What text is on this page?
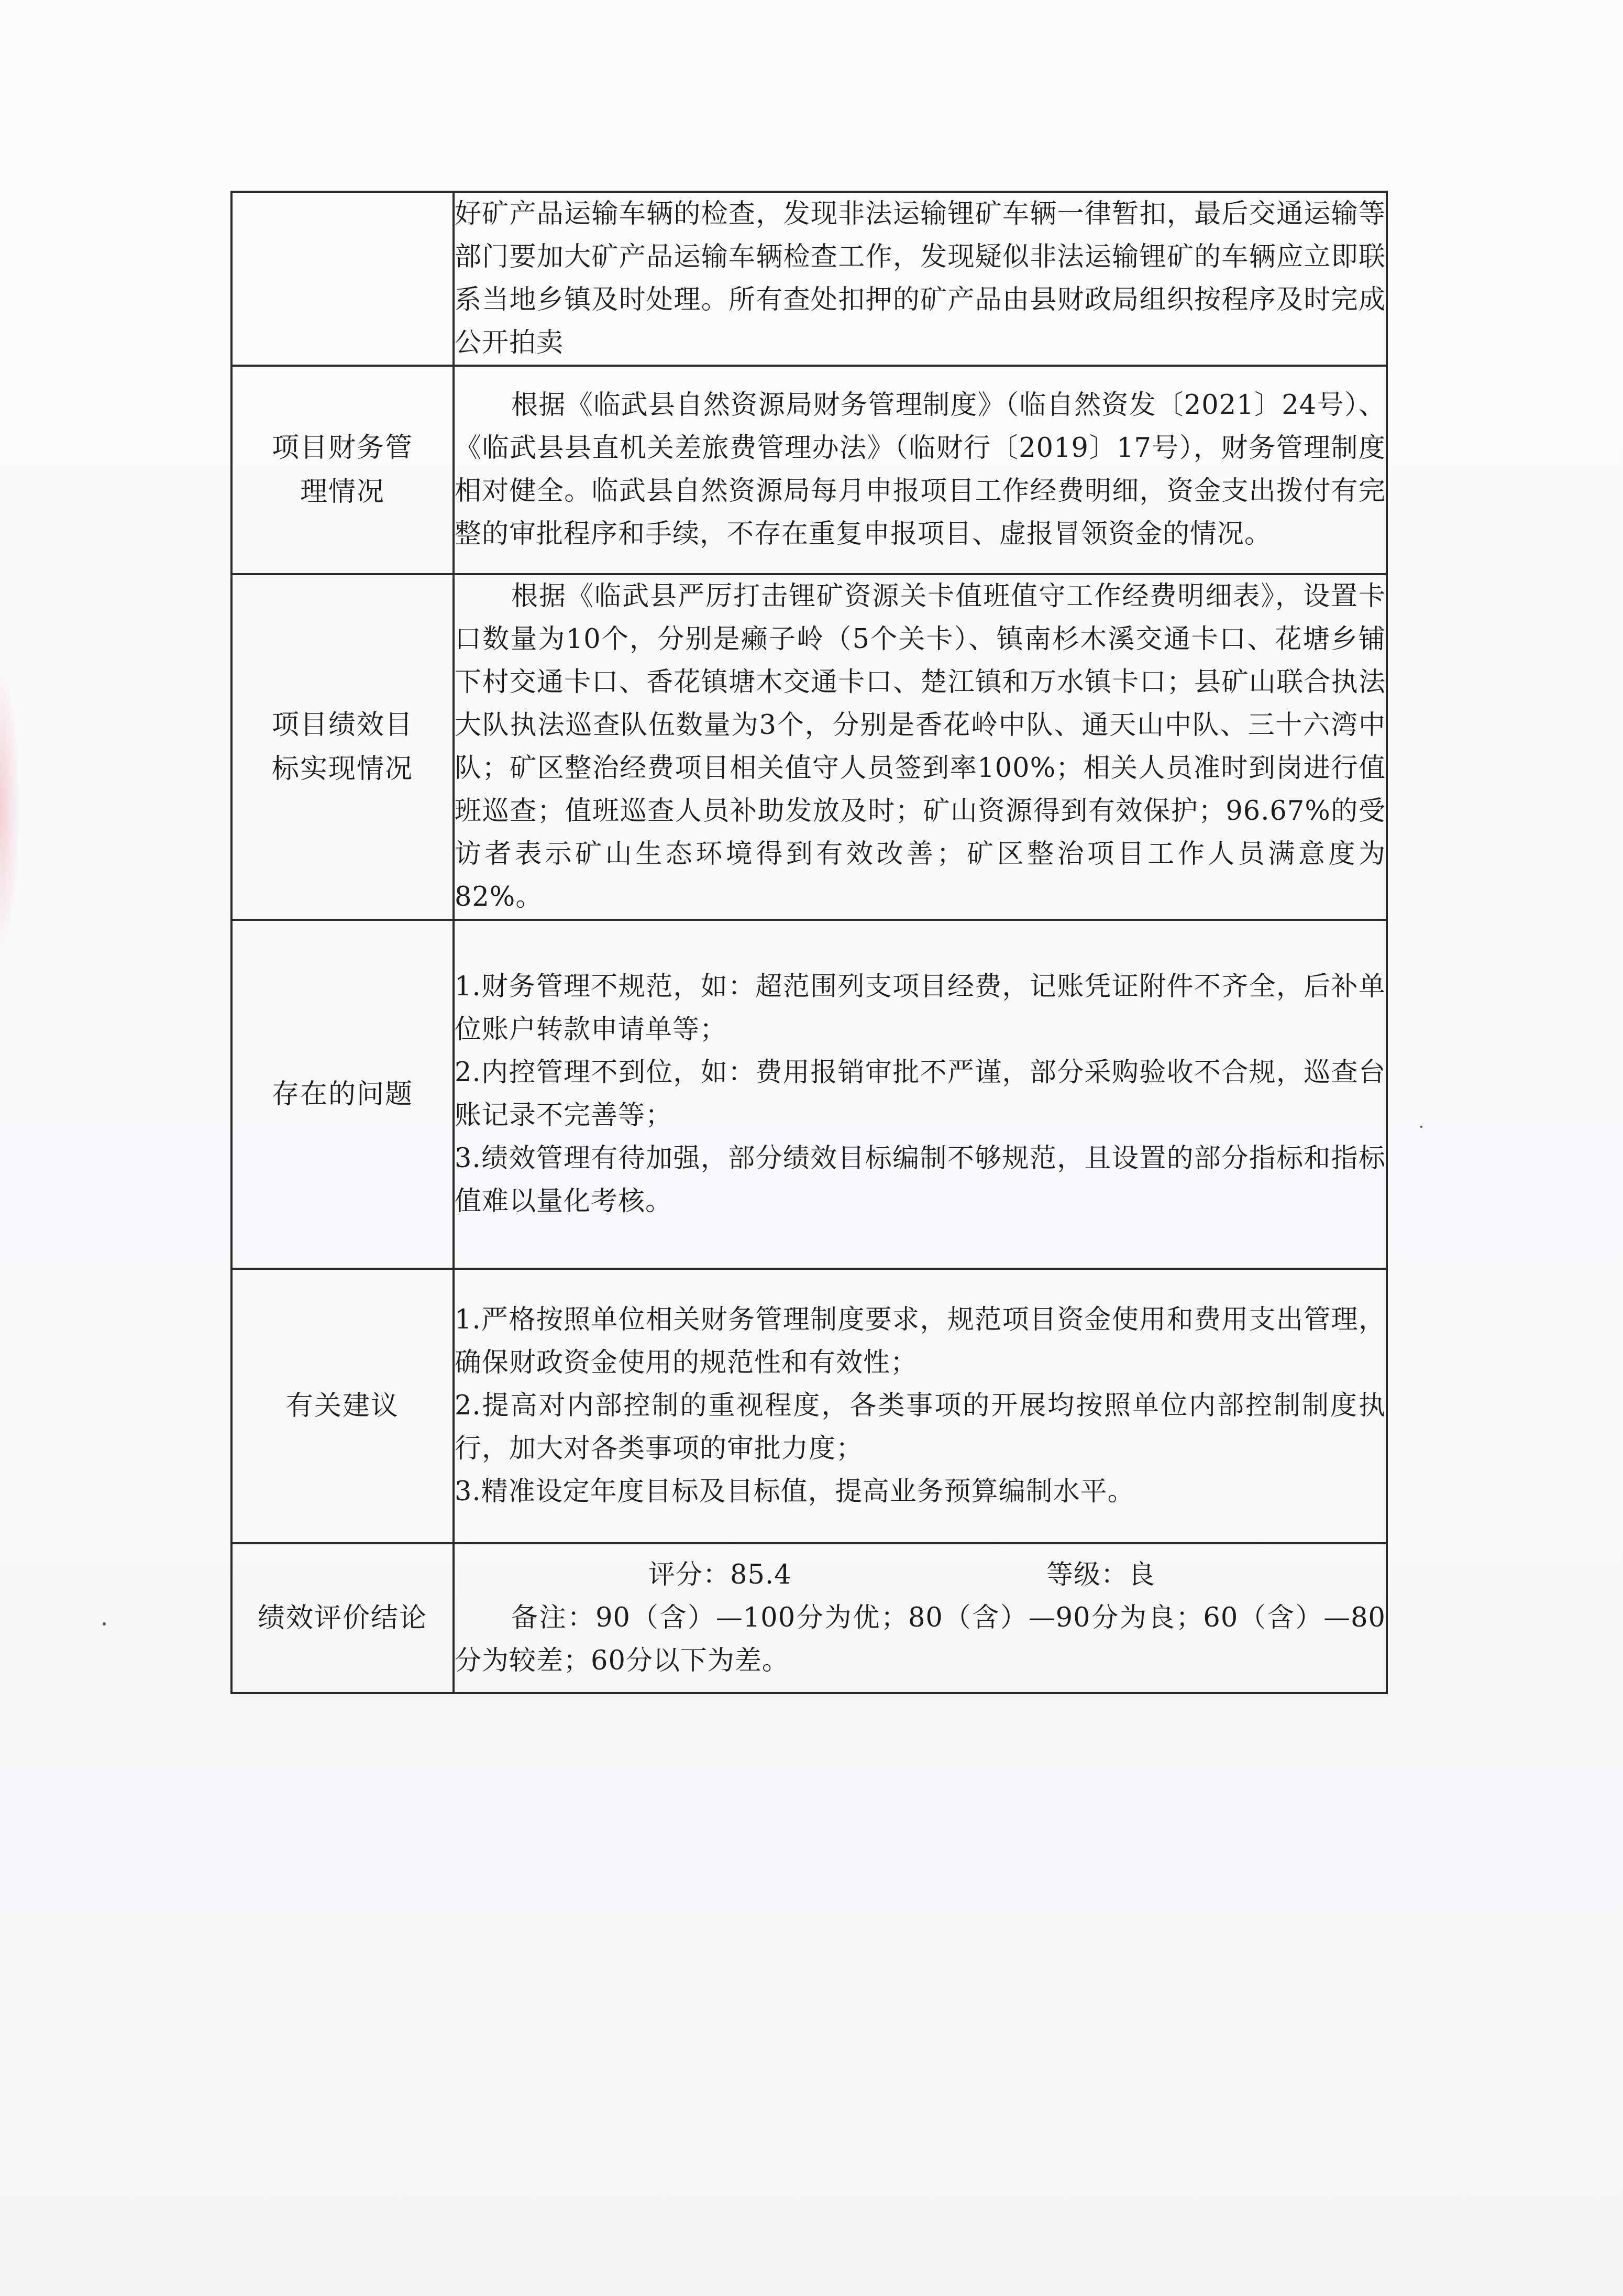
	好矿产品运输车辆的检查，发现非法运输锂矿车辆一律暂扣，最后交通运输等部门要加大矿产品运输车辆检查工作，发现疑似非法运输锂矿的车辆应立即联系当地乡镇及时处理。所有查处扣押的矿产品由县财政局组织按程序及时完成公开拍卖

项目财务管理情况	根据《临武县自然资源局财务管理制度》（临自然资发〔2021〕24号）、《临武县县直机关差旅费管理办法》（临财行〔2019〕17号），财务管理制度相对健全。临武县自然资源局每月申报项目工作经费明细，资金支出拨付有完整的审批程序和手续，不存在重复申报项目、虚报冒领资金的情况。

项目绩效目标实现情况	根据《临武县严厉打击锂矿资源关卡值班值守工作经费明细表》，设置卡口数量为10个，分别是癞子岭（5个关卡）、镇南杉木溪交通卡口、花塘乡铺下村交通卡口、香花镇塘木交通卡口、楚江镇和万水镇卡口；县矿山联合执法大队执法巡查队伍数量为3个，分别是香花岭中队、通天山中队、三十六湾中队；矿区整治经费项目相关值守人员签到率100%；相关人员准时到岗进行值班巡查；值班巡查人员补助发放及时；矿山资源得到有效保护；96.67%的受访者表示矿山生态环境得到有效改善；矿区整治项目工作人员满意度为82%。

存在的问题	1.财务管理不规范，如：超范围列支项目经费，记账凭证附件不齐全，后补单位账户转款申请单等；
2.内控管理不到位，如：费用报销审批不严谨，部分采购验收不合规，巡查台账记录不完善等；
3.绩效管理有待加强，部分绩效目标编制不够规范，且设置的部分指标和指标值难以量化考核。

有关建议	1.严格按照单位相关财务管理制度要求，规范项目资金使用和费用支出管理，确保财政资金使用的规范性和有效性；
2.提高对内部控制的重视程度，各类事项的开展均按照单位内部控制制度执行，加大对各类事项的审批力度；
3.精准设定年度目标及目标值，提高业务预算编制水平。

绩效评价结论	评分：85.4 等级：良
备注：90（含）—100分为优；80（含）—90分为良；60（含）—80分为较差；60分以下为差。
